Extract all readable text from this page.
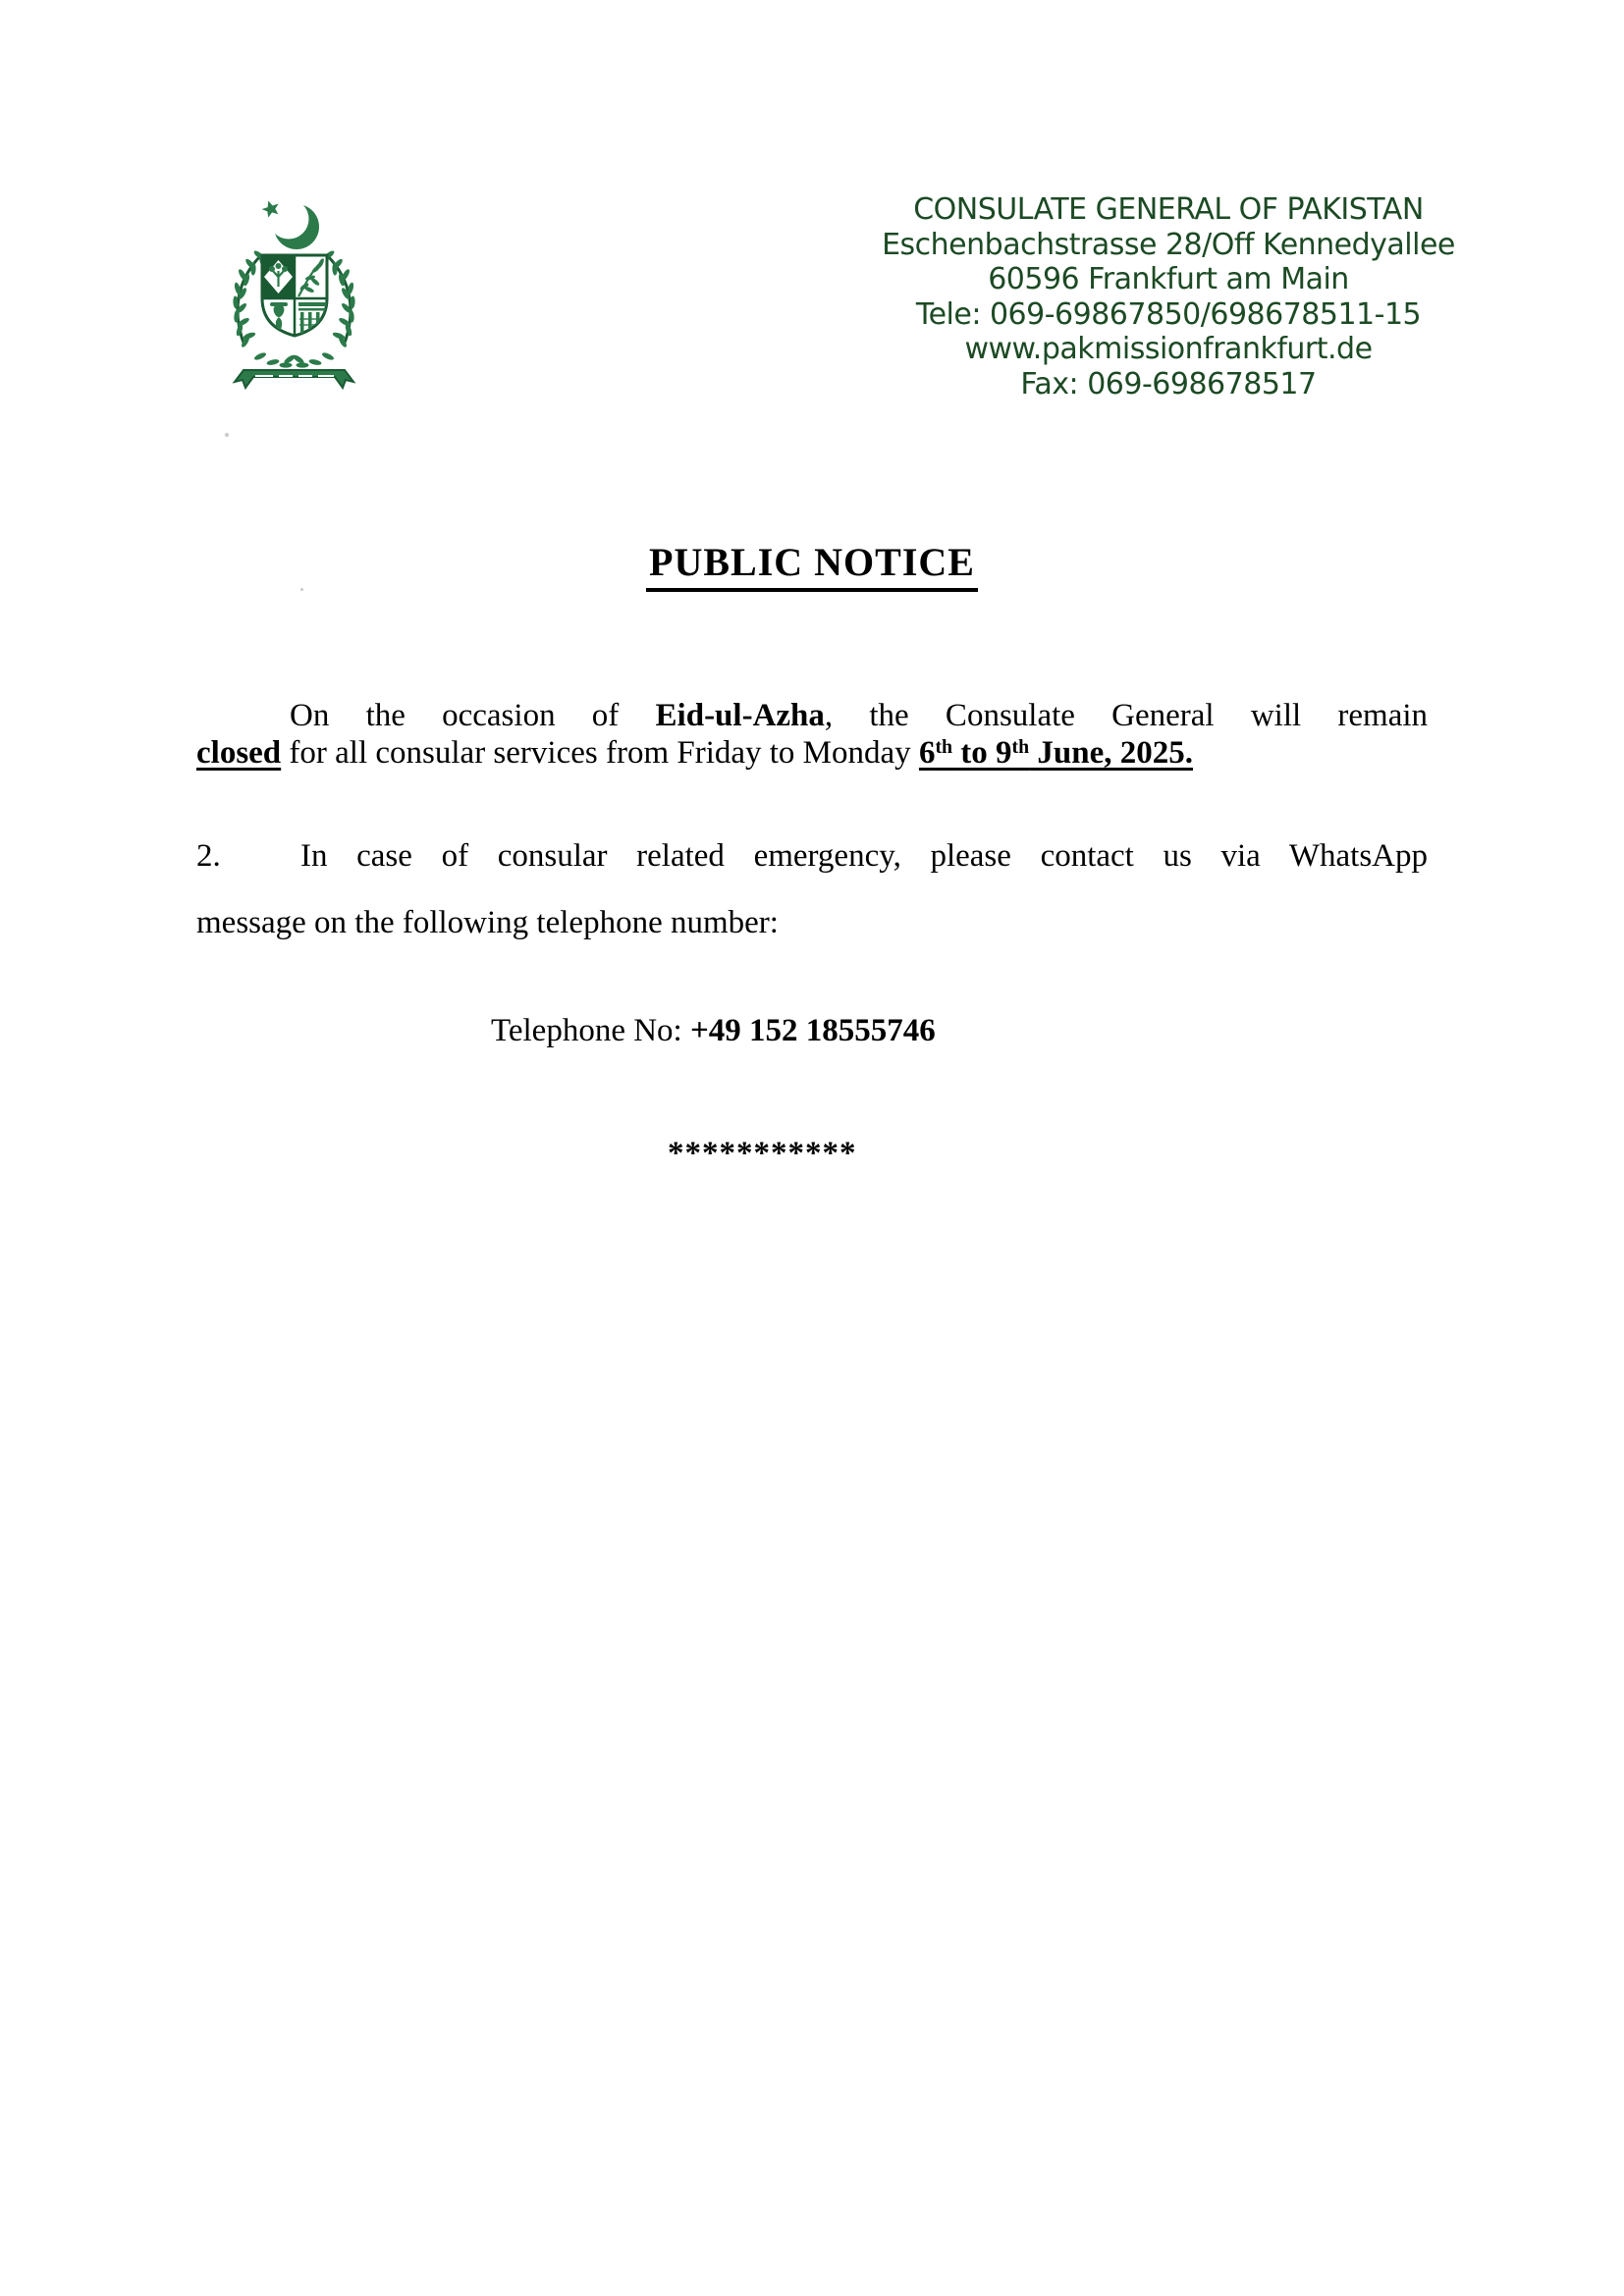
CONSULATE GENERAL OF PAKISTAN
Eschenbachstrasse 28/Off Kennedyallee
60596 Frankfurt am Main
Tele: 069-69867850/698678511-15
www.pakmissionfrankfurt.de
Fax: 069-698678517
PUBLIC NOTICE
On the occasion of Eid-ul-Azha, the Consulate General will remain
closed for all consular services from Friday to Monday 6th to 9th June, 2025.
2. In case of consular related emergency, please contact us via WhatsApp
message on the following telephone number:
Telephone No: +49 152 18555746
***********
